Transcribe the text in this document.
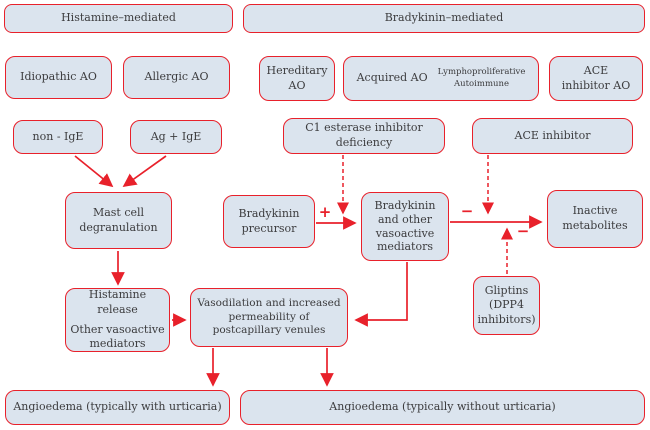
Histamine–mediated	Bradykinin–mediated
Idiopathic AO	Allergic AO	Hereditary
AO
Acquired AO Lymphoproliferative
Autoimmune
ACE
inhibitor AO
non - IgE	Ag + IgE
C1 esterase inhibitor
deficiency
ACE inhibitor
Mast cell
degranulation
Bradykinin
precursor
Bradykinin
and other
vasoactive
mediators
Inactive
metabolites
Histamine release
Other vasoactive
mediators
Vasodilation and increased
permeability of
postcapillary venules
Gliptins
(DPP4
inhibitors)
Angioedema (typically with urticaria)	Angioedema (typically without urticaria)
+	−
−
